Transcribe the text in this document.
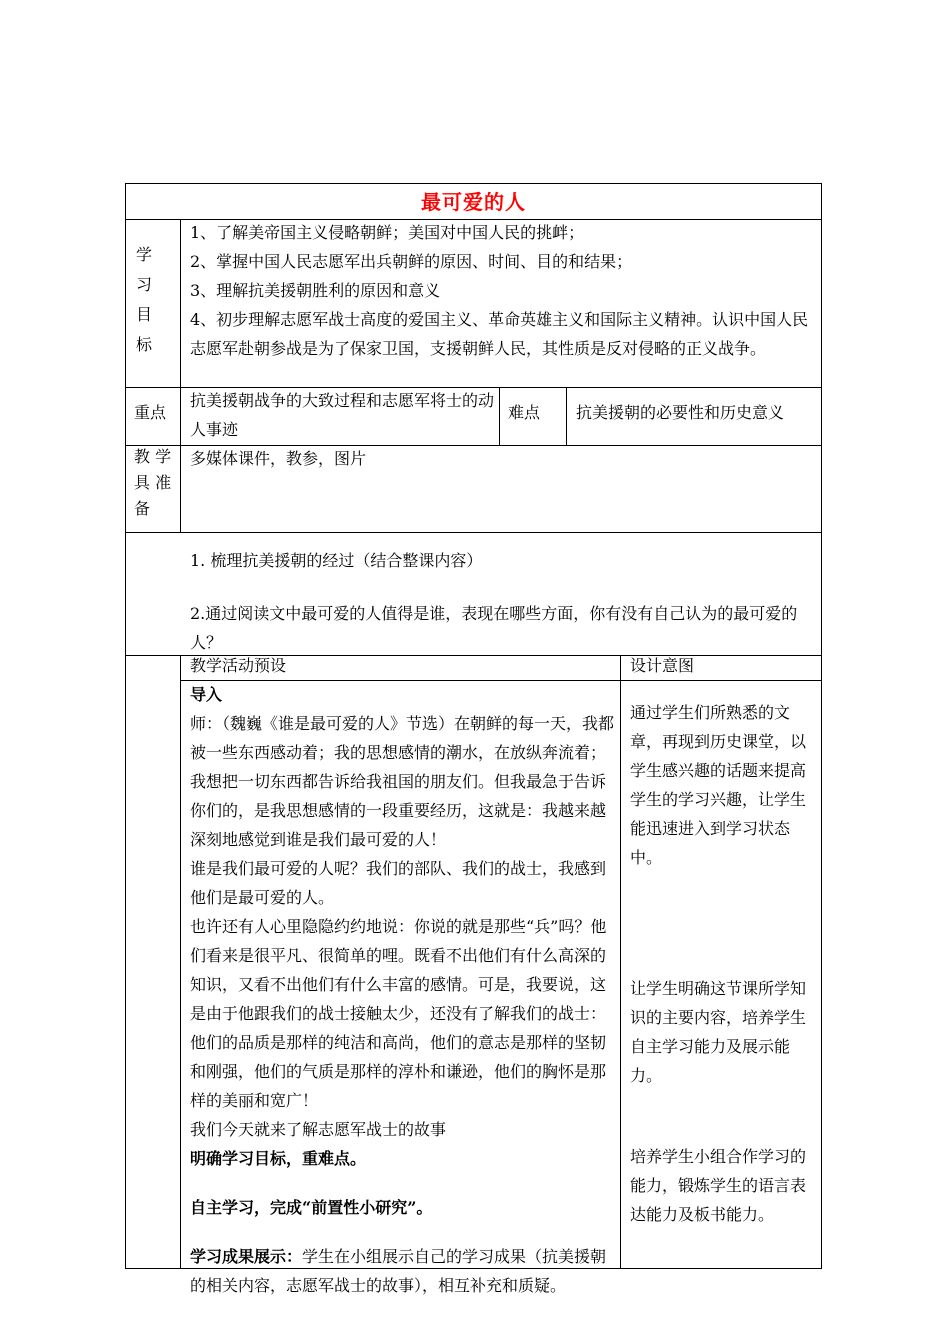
最可爱的人
学
习
目
标

1、了解美帝国主义侵略朝鲜；美国对中国人民的挑衅；

2、掌握中国人民志愿军出兵朝鲜的原因、时间、目的和结果；

3、理解抗美援朝胜利的原因和意义

4、初步理解志愿军战士高度的爱国主义、革命英雄主义和国际主义精神。认识中国人民志愿军赴朝参战是为了保家卫国，支援朝鲜人民，其性质是反对侵略的正义战争。

重点
抗美援朝战争的大致过程和志愿军将士的动人事迹
难点 抗美援朝的必要性和历史意义

教 学

具 准

备

多媒体课件，教参，图片
1. 梳理抗美援朝的经过（结合整课内容）
2.通过阅读文中最可爱的人值得是谁，表现在哪些方面，你有没有自己认为的最可爱的人？
教学活动预设	设计意图

导入

师：（魏巍《谁是最可爱的人》节选）在朝鲜的每一天，我都被一些东西感动着；我的思想感情的潮水，在放纵奔流着；我想把一切东西都告诉给我祖国的朋友们。但我最急于告诉你们的，是我思想感情的一段重要经历，这就是：我越来越深刻地感觉到谁是我们最可爱的人！

谁是我们最可爱的人呢？我们的部队、我们的战士，我感到他们是最可爱的人。

也许还有人心里隐隐约约地说：你说的就是那些“兵”吗？他们看来是很平凡、很简单的哩。既看不出他们有什么高深的知识，又看不出他们有什么丰富的感情。可是，我要说，这是由于他跟我们的战士接触太少，还没有了解我们的战士：他们的品质是那样的纯洁和高尚，他们的意志是那样的坚韧和刚强，他们的气质是那样的淳朴和谦逊，他们的胸怀是那样的美丽和宽广！

我们今天就来了解志愿军战士的故事

明确学习目标，重难点。

自主学习，完成“前置性小研究”。

学习成果展示：学生在小组展示自己的学习成果（抗美援朝的相关内容，志愿军战士的故事），相互补充和质疑。

通过学生们所熟悉的文章，再现到历史课堂，以学生感兴趣的话题来提高学生的学习兴趣，让学生能迅速进入到学习状态中。
让学生明确这节课所学知识的主要内容，培养学生自主学习能力及展示能力。
培养学生小组合作学习的能力，锻炼学生的语言表达能力及板书能力。
